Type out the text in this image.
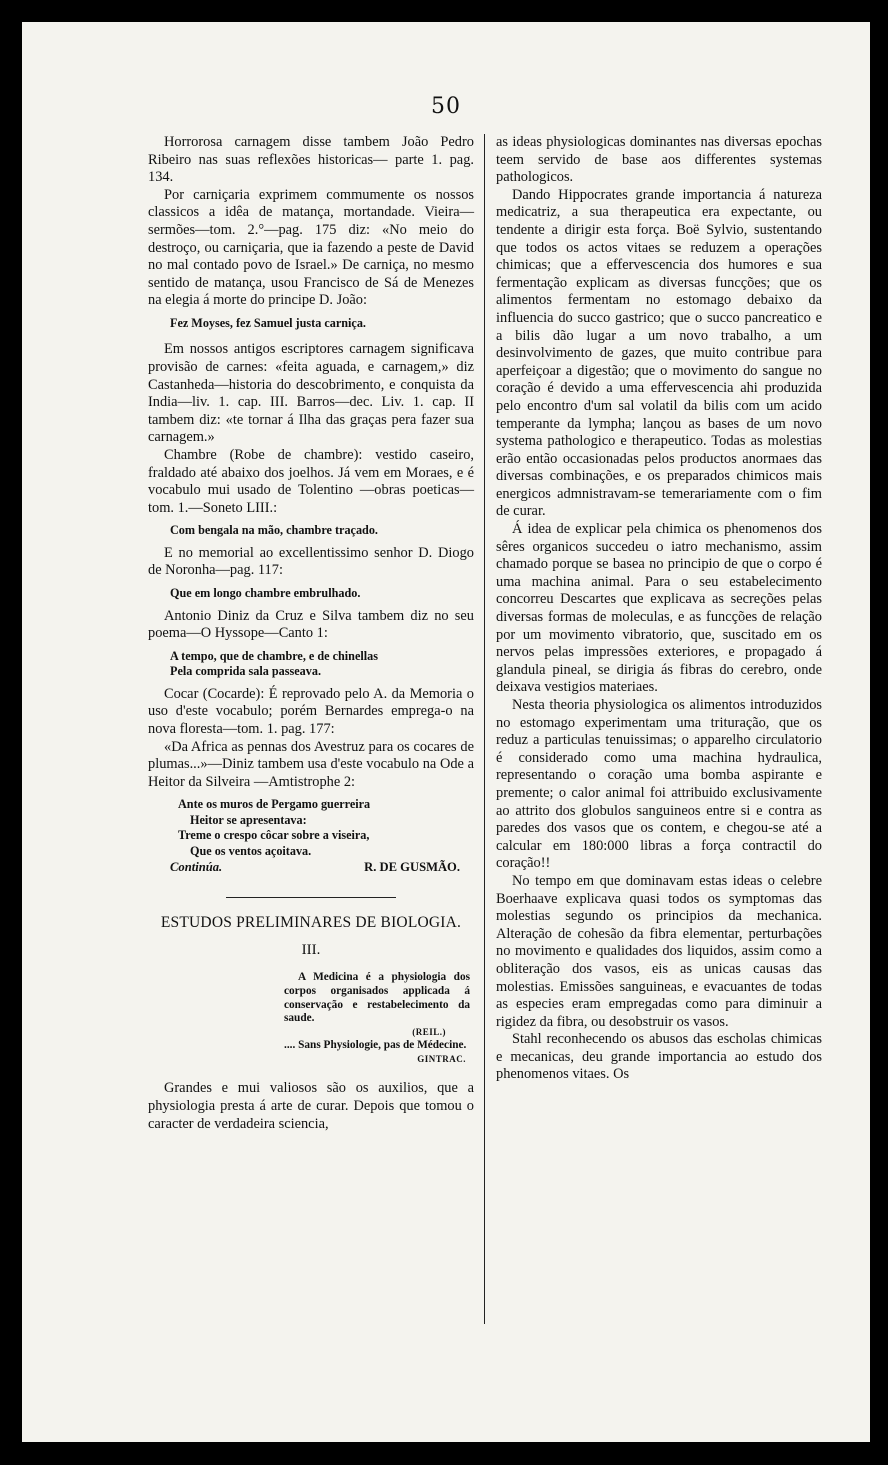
50

Horrorosa carnagem disse tambem João Pedro Ribeiro nas suas reflexões historicas— parte 1. pag. 134.

Por carniçaria exprimem commumente os nossos classicos a idêa de matança, mortandade. Vieira—sermões—tom. 2.°—pag. 175 diz: «No meio do destroço, ou carniçaria, que ia fazendo a peste de David no mal contado povo de Israel.» De carniça, no mesmo sentido de matança, usou Francisco de Sá de Menezes na elegia á morte do principe D. João:

Fez Moyses, fez Samuel justa carniça.

Em nossos antigos escriptores carnagem significava provisão de carnes: «feita aguada, e carnagem,» diz Castanheda—historia do descobrimento, e conquista da India—liv. 1. cap. III. Barros—dec. Liv. 1. cap. II tambem diz: «te tornar á Ilha das graças pera fazer sua carnagem.»

Chambre (Robe de chambre): vestido caseiro, fraldado até abaixo dos joelhos. Já vem em Moraes, e é vocabulo mui usado de Tolentino —obras poeticas—tom. 1.—Soneto LIII.:

Com bengala na mão, chambre traçado.

E no memorial ao excellentissimo senhor D. Diogo de Noronha—pag. 117:

Que em longo chambre embrulhado.

Antonio Diniz da Cruz e Silva tambem diz no seu poema—O Hyssope—Canto 1:

A tempo, que de chambre, e de chinellas

Pela comprida sala passeava.

Cocar (Cocarde): É reprovado pelo A. da Memoria o uso d'este vocabulo; porém Bernardes emprega-o na nova floresta—tom. 1. pag. 177:

«Da Africa as pennas dos Avestruz para os cocares de plumas...»—Diniz tambem usa d'este vocabulo na Ode a Heitor da Silveira —Amtistrophe 2:

Ante os muros de Pergamo guerreira

Heitor se apresentava:

Treme o crespo côcar sobre a viseira,

Que os ventos açoitava.

Continúa.	R. DE GUSMÃO.
ESTUDOS PRELIMINARES DE BIOLOGIA.
III.
A Medicina é a physiologia dos corpos organisados applicada á conservação e restabelecimento da saude.
(REIL.)
.... Sans Physiologie, pas de Médecine.
GINTRAC.

Grandes e mui valiosos são os auxilios, que a physiologia presta á arte de curar. Depois que tomou o caracter de verdadeira sciencia,

as ideas physiologicas dominantes nas diversas epochas teem servido de base aos differentes systemas pathologicos.

Dando Hippocrates grande importancia á natureza medicatriz, a sua therapeutica era expectante, ou tendente a dirigir esta força. Boë Sylvio, sustentando que todos os actos vitaes se reduzem a operações chimicas; que a effervescencia dos humores e sua fermentação explicam as diversas funcções; que os alimentos fermentam no estomago debaixo da influencia do succo gastrico; que o succo pancreatico e a bilis dão lugar a um novo trabalho, a um desinvolvimento de gazes, que muito contribue para aperfeiçoar a digestão; que o movimento do sangue no coração é devido a uma effervescencia ahi produzida pelo encontro d'um sal volatil da bilis com um acido temperante da lympha; lançou as bases de um novo systema pathologico e therapeutico. Todas as molestias erão então occasionadas pelos productos anormaes das diversas combinações, e os preparados chimicos mais energicos admnistravam-se temerariamente com o fim de curar.

Á idea de explicar pela chimica os phenomenos dos sêres organicos succedeu o iatro mechanismo, assim chamado porque se basea no principio de que o corpo é uma machina animal. Para o seu estabelecimento concorreu Descartes que explicava as secreções pelas diversas formas de moleculas, e as funcções de relação por um movimento vibratorio, que, suscitado em os nervos pelas impressões exteriores, e propagado á glandula pineal, se dirigia ás fibras do cerebro, onde deixava vestigios materiaes.

Nesta theoria physiologica os alimentos introduzidos no estomago experimentam uma trituração, que os reduz a particulas tenuissimas; o apparelho circulatorio é considerado como uma machina hydraulica, representando o coração uma bomba aspirante e premente; o calor animal foi attribuido exclusivamente ao attrito dos globulos sanguineos entre si e contra as paredes dos vasos que os contem, e chegou-se até a calcular em 180:000 libras a força contractil do coração!!

No tempo em que dominavam estas ideas o celebre Boerhaave explicava quasi todos os symptomas das molestias segundo os principios da mechanica. Alteração de cohesão da fibra elementar, perturbações no movimento e qualidades dos liquidos, assim como a obliteração dos vasos, eis as unicas causas das molestias. Emissões sanguineas, e evacuantes de todas as especies eram empregadas como para diminuir a rigidez da fibra, ou desobstruir os vasos.

Stahl reconhecendo os abusos das escholas chimicas e mecanicas, deu grande importancia ao estudo dos phenomenos vitaes. Os
